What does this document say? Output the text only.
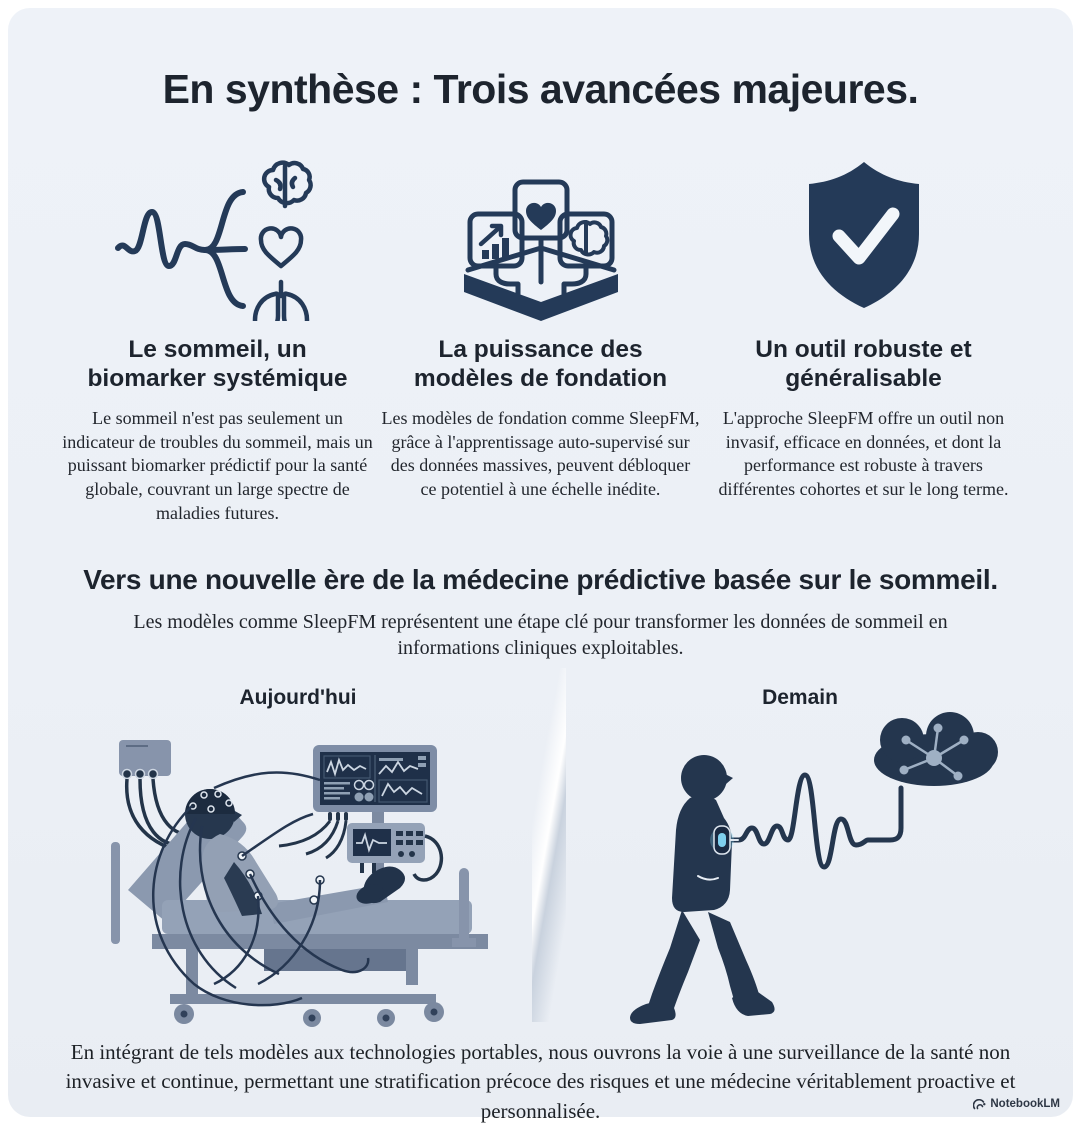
En synthèse : Trois avancées majeures.
Le sommeil, un biomarker systémique
Le sommeil n'est pas seulement un indicateur de troubles du sommeil, mais un puissant biomarker prédictif pour la santé globale, couvrant un large spectre de maladies futures.
La puissance des modèles de fondation
Les modèles de fondation comme SleepFM, grâce à l'apprentissage auto-supervisé sur des données massives, peuvent débloquer ce potentiel à une échelle inédite.
Un outil robuste et généralisable
L'approche SleepFM offre un outil non invasif, efficace en données, et dont la performance est robuste à travers différentes cohortes et sur le long terme.
Vers une nouvelle ère de la médecine prédictive basée sur le sommeil.
Les modèles comme SleepFM représentent une étape clé pour transformer les données de sommeil en informations cliniques exploitables.
Aujourd'hui	Demain
En intégrant de tels modèles aux technologies portables, nous ouvrons la voie à une surveillance de la santé non invasive et continue, permettant une stratification précoce des risques et une médecine véritablement proactive et personnalisée.	NotebookLM
